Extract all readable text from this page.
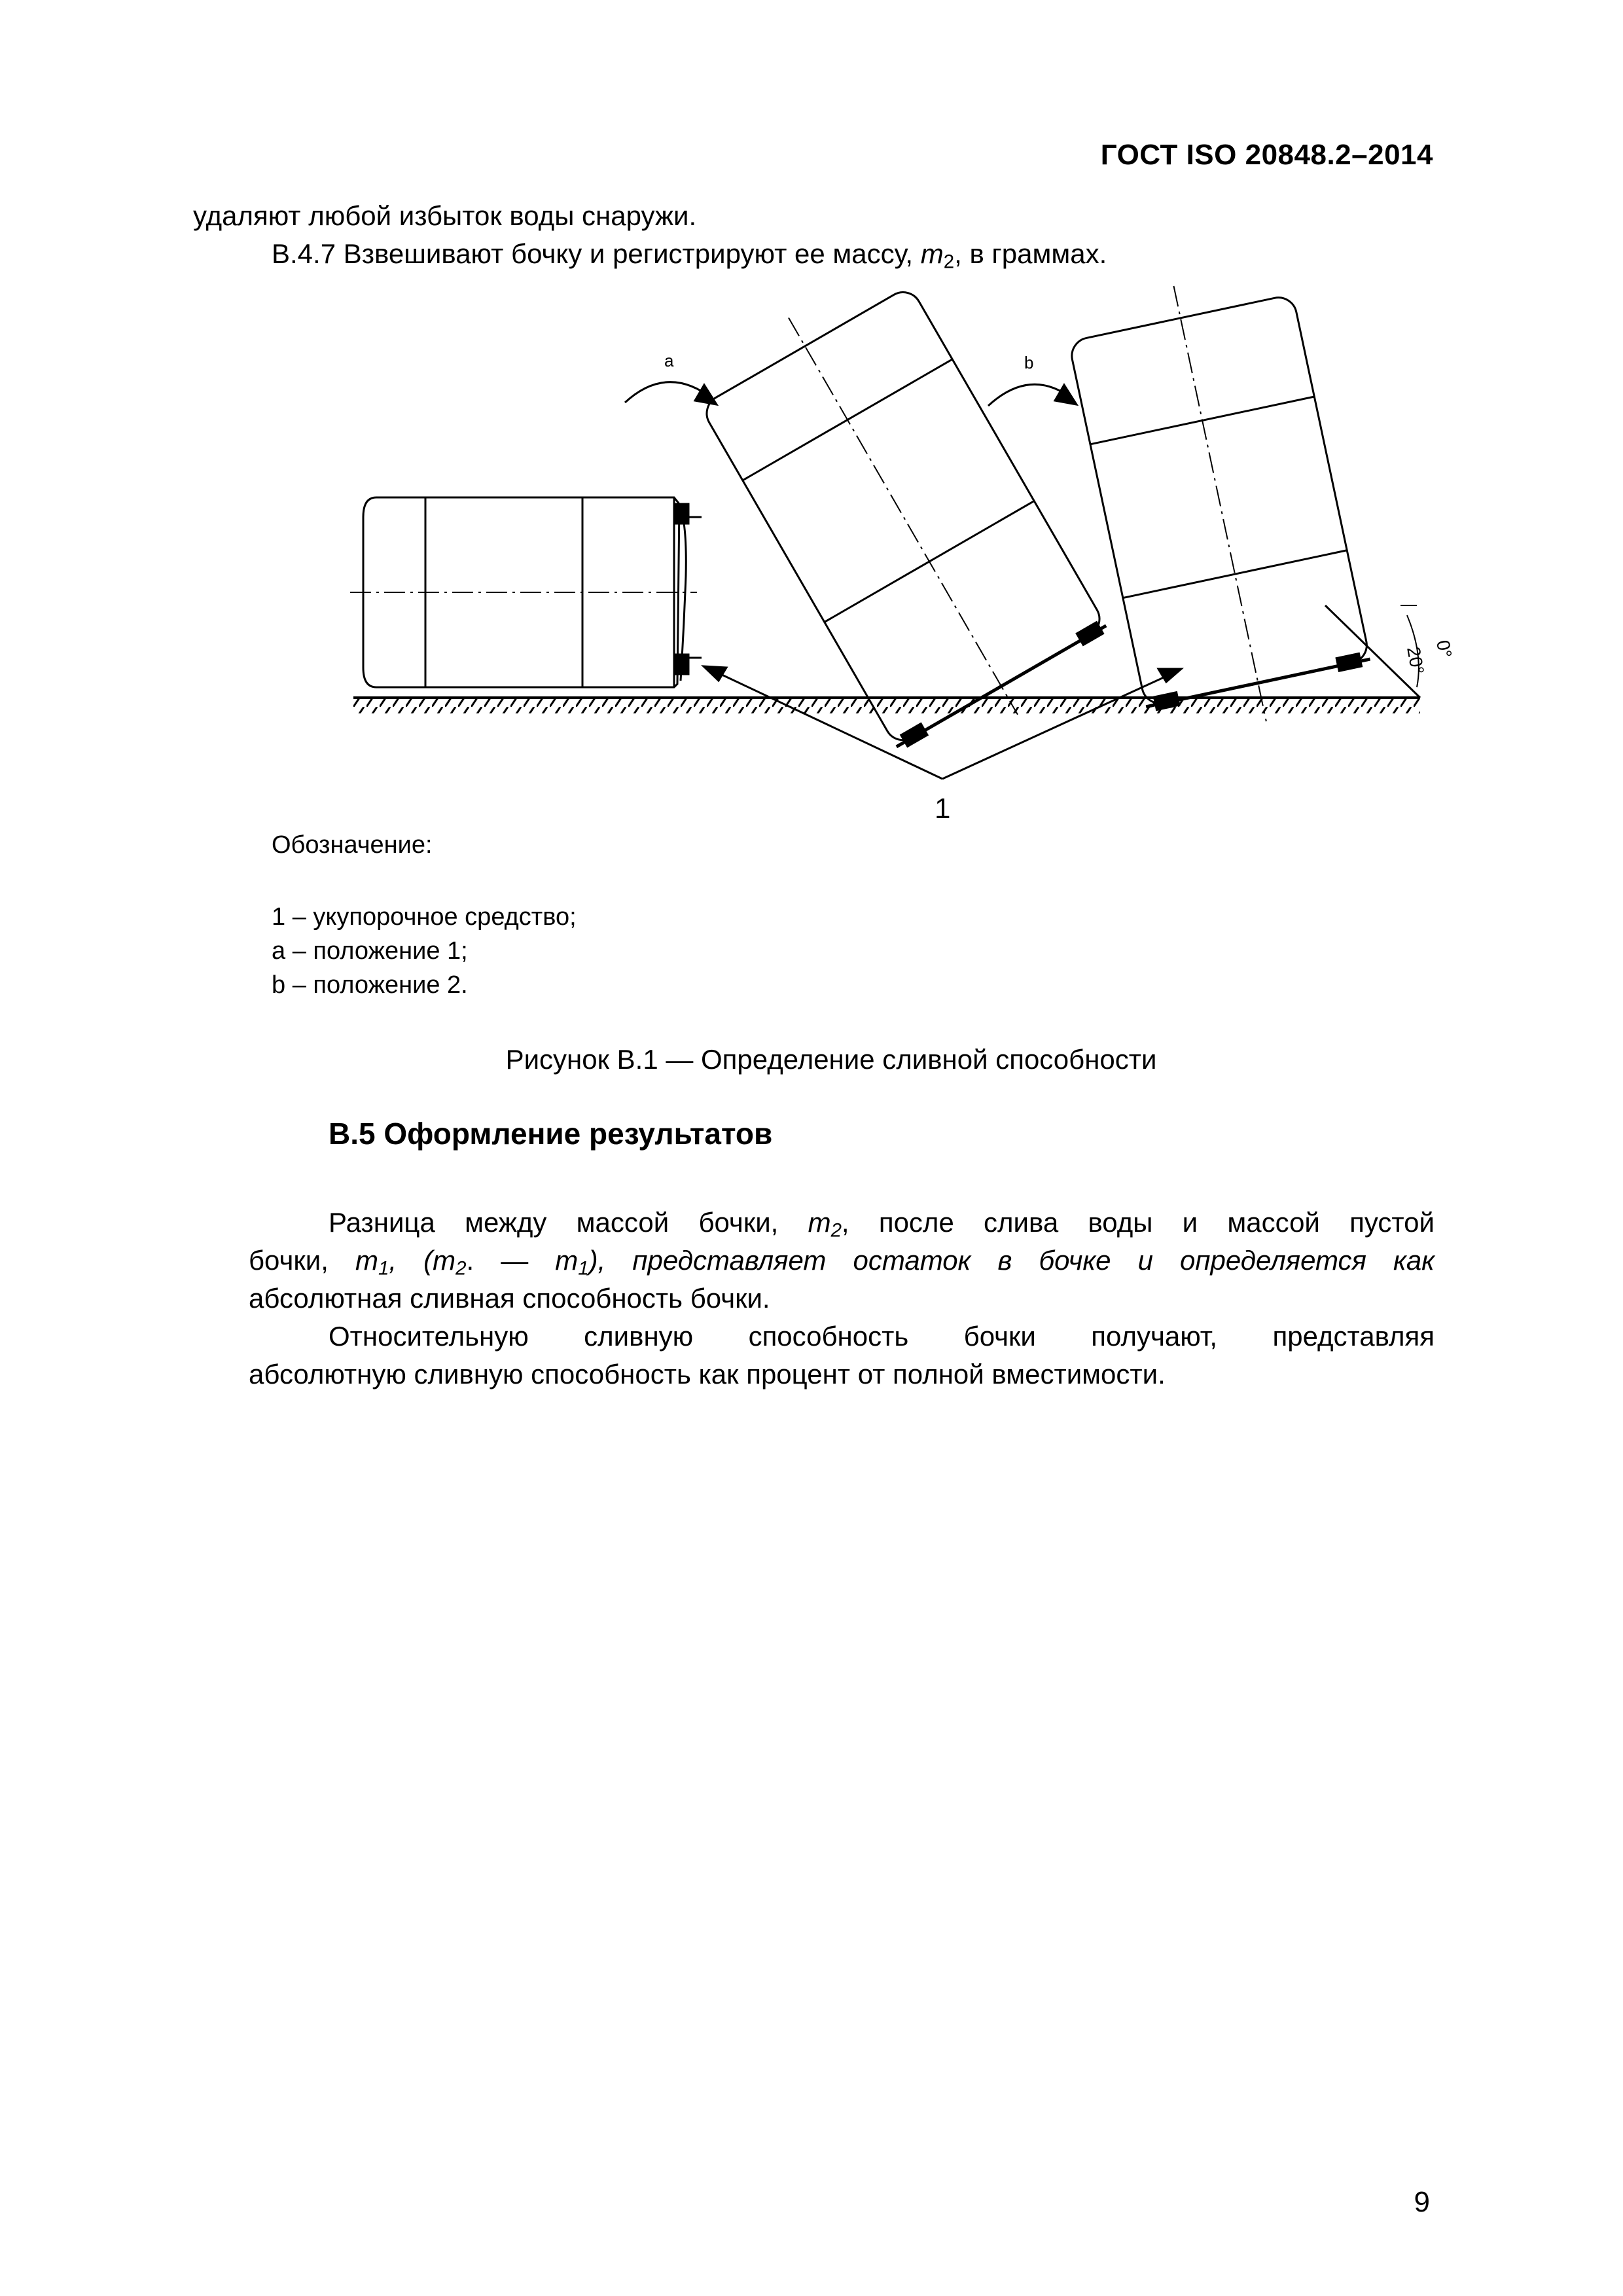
ГОСТ ISO 20848.2–2014
удаляют любой избыток воды снаружи.
В.4.7 Взвешивают бочку и регистрируют ее массу, $m_2$, в граммах.
a	b
1
20° 0°
Обозначение:
1 – укупорочное средство;
a – положение 1;
b – положение 2.
Рисунок В.1 — Определение сливной способности
В.5 Оформление результатов
Разница между массой бочки, $m_2$, после слива воды и массой пустой
бочки, $m_1$, ($m_2$. — $m_1$), представляет остаток в бочке и определяется как
абсолютная сливная способность бочки.
Относительную сливную способность бочки получают, представляя
абсолютную сливную способность как процент от полной вместимости.
9
